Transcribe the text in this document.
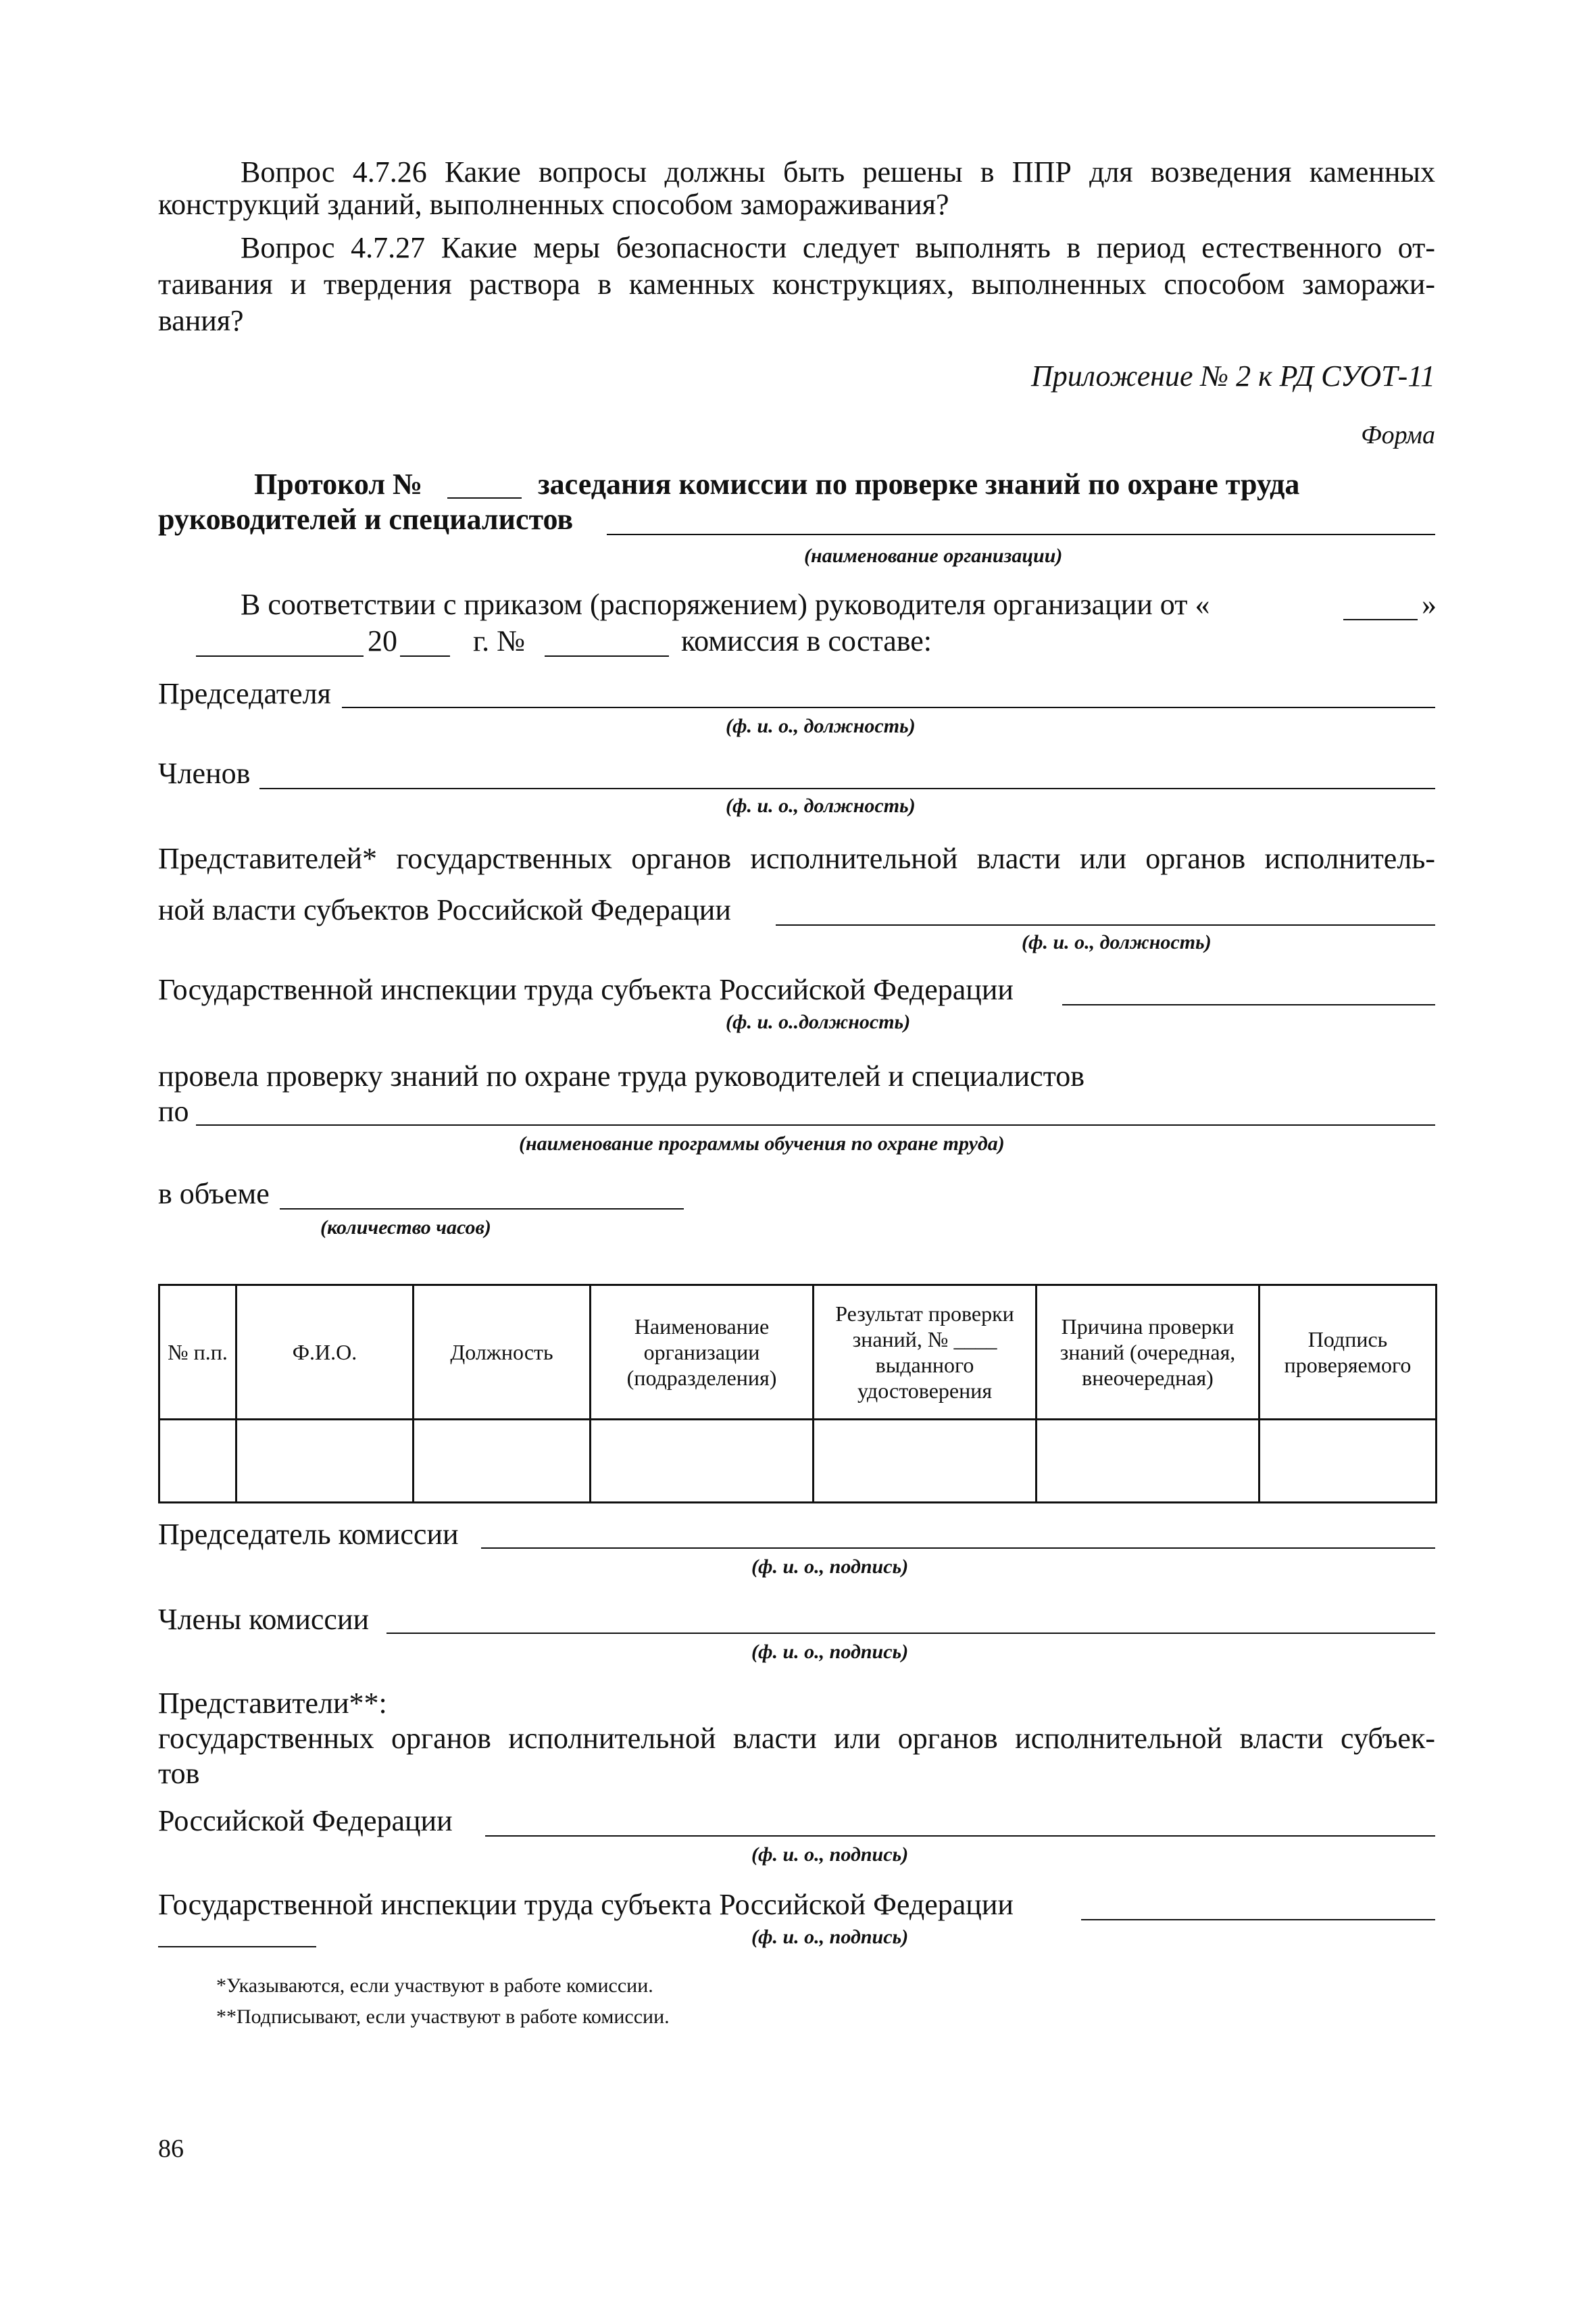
Вопрос 4.7.26 Какие вопросы должны быть решены в ППР для возведения каменных
конструкций зданий, выполненных способом замораживания?
Вопрос 4.7.27 Какие меры безопасности следует выполнять в период естественного от-
таивания и твердения раствора в каменных конструкциях, выполненных способом заморажи-
вания?
Приложение № 2 к РД СУОТ-11
Форма
Протокол №	заседания комиссии по проверке знаний по охране труда
руководителей и специалистов
(наименование организации)
В соответствии с приказом (распоряжением) руководителя организации от «	»
20	г. №	комиссия в составе:
Председателя
(ф. и. о., должность)
Членов
(ф. и. о., должность)
Представителей* государственных органов исполнительной власти или органов исполнитель-
ной власти субъектов Российской Федерации
(ф. и. о., должность)
Государственной инспекции труда субъекта Российской Федерации
(ф. и. о..должность)
провела проверку знаний по охране труда руководителей и специалистов
по
(наименование программы обучения по охране труда)
в объеме
(количество часов)
№ п.п.	Ф.И.О.	Должность	Наименование организации (подразделения)	Результат проверки знаний, № ____ выданного удостоверения	Причина проверки знаний (очередная, внеочередная)	Подпись проверяемого

Председатель комиссии
(ф. и. о., подпись)
Члены комиссии
(ф. и. о., подпись)
Представители**:
государственных органов исполнительной власти или органов исполнительной власти субъек-
тов
Российской Федерации
(ф. и. о., подпись)
Государственной инспекции труда субъекта Российской Федерации
(ф. и. о., подпись)
*Указываются, если участвуют в работе комиссии.
**Подписывают, если участвуют в работе комиссии.
86
